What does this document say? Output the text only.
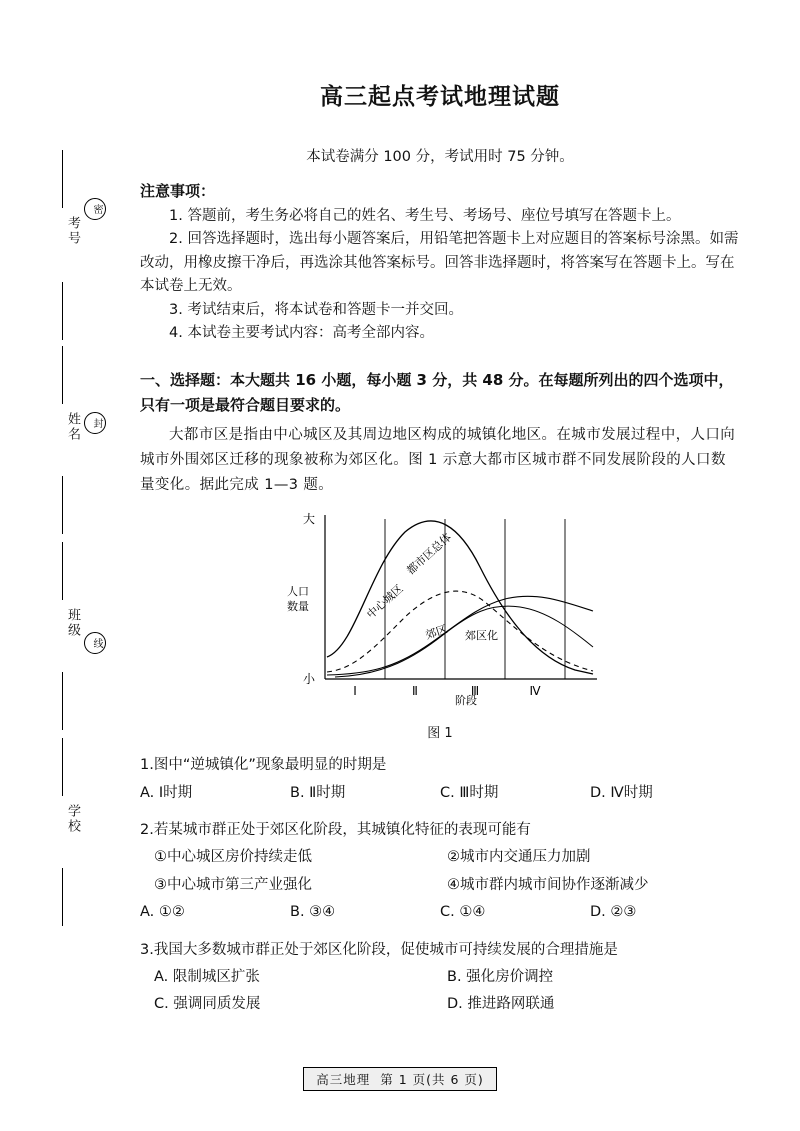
考号
密
姓名	封
班级
线
学校
高三起点考试地理试题

本试卷满分 100 分，考试用时 75 分钟。

注意事项：

1. 答题前，考生务必将自己的姓名、考生号、考场号、座位号填写在答题卡上。

2. 回答选择题时，选出每小题答案后，用铅笔把答题卡上对应题目的答案标号涂黑。如需改动，用橡皮擦干净后，再选涂其他答案标号。回答非选择题时，将答案写在答题卡上。写在本试卷上无效。

3. 考试结束后，将本试卷和答题卡一并交回。

4. 本试卷主要考试内容：高考全部内容。

一、选择题：本大题共 16 小题，每小题 3 分，共 48 分。在每题所列出的四个选项中，只有一项是最符合题目要求的。

大都市区是指由中心城区及其周边地区构成的城镇化地区。在城市发展过程中，人口向城市外围郊区迁移的现象被称为郊区化。图 1 示意大都市区城市群不同发展阶段的人口数量变化。据此完成 1—3 题。

大
小
人口
数量
Ⅰ	Ⅱ	Ⅲ	Ⅳ
阶段
中心城区
都市区总体
郊区 郊区化
图 1
1.图中“逆城镇化”现象最明显的时期是
A. Ⅰ时期	B. Ⅱ时期	C. Ⅲ时期	D. Ⅳ时期
2.若某城市群正处于郊区化阶段，其城镇化特征的表现可能有
①中心城区房价持续走低	②城市内交通压力加剧
③中心城市第三产业强化	④城市群内城市间协作逐渐减少
A. ①②	B. ③④	C. ①④	D. ②③
3.我国大多数城市群正处于郊区化阶段，促使城市可持续发展的合理措施是
A. 限制城区扩张	B. 强化房价调控
C. 强调同质发展	D. 推进路网联通
高三地理 第 1 页(共 6 页)
